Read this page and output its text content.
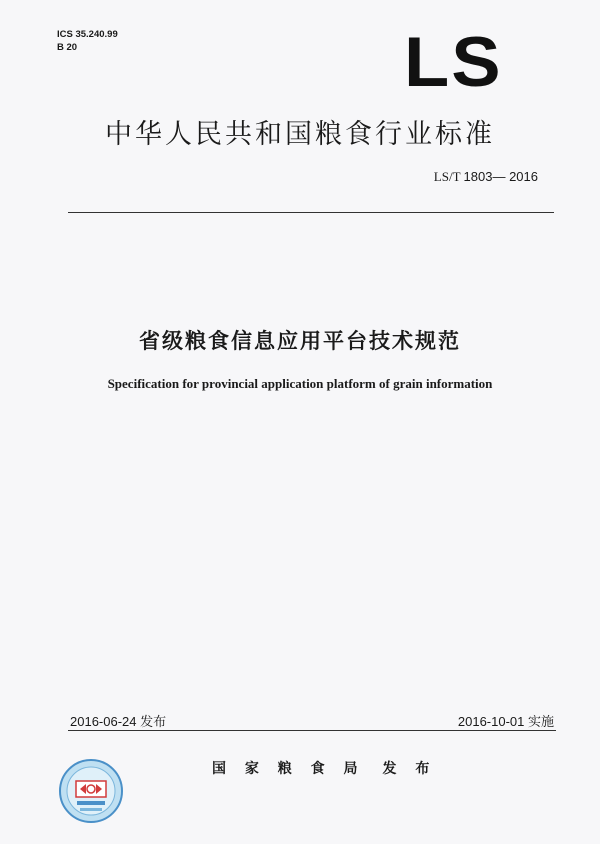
ICS 35.240.99
B 20	LS
中华人民共和国粮食行业标准
LS/T 1803— 2016
省级粮食信息应用平台技术规范
Specification for provincial application platform of grain information
2016-06-24 发布	2016-10-01 实施
国 家 粮 食 局 发 布
